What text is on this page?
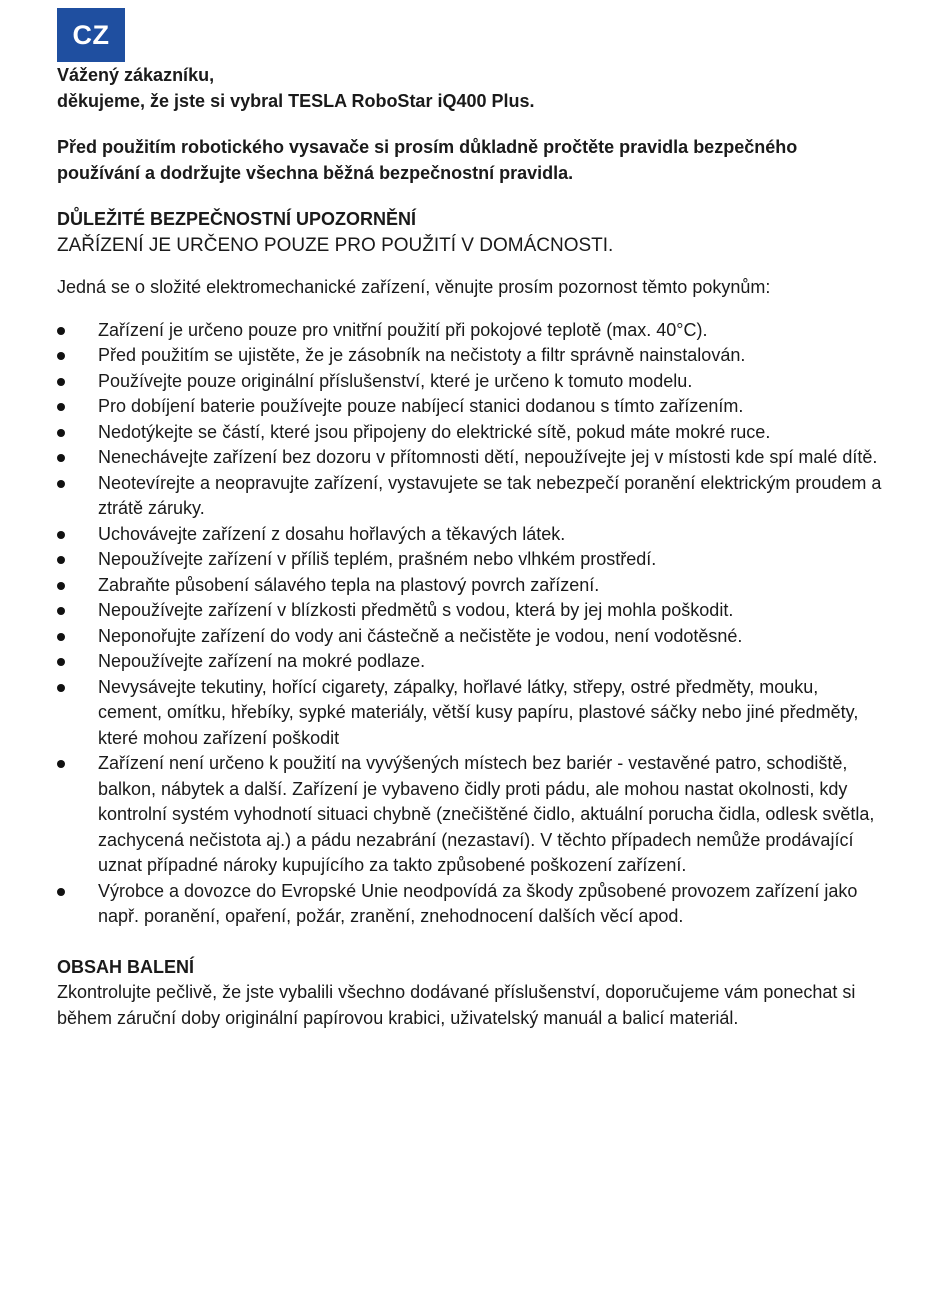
CZ

Vážený zákazníku,
děkujeme, že jste si vybral TESLA RoboStar iQ400 Plus.

Před použitím robotického vysavače si prosím důkladně pročtěte pravidla bezpečného
používání a dodržujte všechna běžná bezpečnostní pravidla.

DŮLEŽITÉ BEZPEČNOSTNÍ UPOZORNĚNÍ
ZAŘÍZENÍ JE URČENO POUZE PRO POUŽITÍ V DOMÁCNOSTI.

Jedná se o složité elektromechanické zařízení, věnujte prosím pozornost těmto pokynům:

Zařízení je určeno pouze pro vnitřní použití při pokojové teplotě (max. 40°C).
Před použitím se ujistěte, že je zásobník na nečistoty a filtr správně nainstalován.
Používejte pouze originální příslušenství, které je určeno k tomuto modelu.
Pro dobíjení baterie používejte pouze nabíjecí stanici dodanou s tímto zařízením.
Nedotýkejte se částí, které jsou připojeny do elektrické sítě, pokud máte mokré ruce.
Nenechávejte zařízení bez dozoru v přítomnosti dětí, nepoužívejte jej v místosti kde spí malé dítě.
Neotevírejte a neopravujte zařízení, vystavujete se tak nebezpečí poranění elektrickým proudem a
ztrátě záruky.
Uchovávejte zařízení z dosahu hořlavých a těkavých látek.
Nepoužívejte zařízení v příliš teplém, prašném nebo vlhkém prostředí.
Zabraňte působení sálavého tepla na plastový povrch zařízení.
Nepoužívejte zařízení v blízkosti předmětů s vodou, která by jej mohla poškodit.
Neponořujte zařízení do vody ani částečně a nečistěte je vodou, není vodotěsné.
Nepoužívejte zařízení na mokré podlaze.
Nevysávejte tekutiny, hořící cigarety, zápalky, hořlavé látky, střepy, ostré předměty, mouku,
cement, omítku, hřebíky, sypké materiály, větší kusy papíru, plastové sáčky nebo jiné předměty,
které mohou zařízení poškodit
Zařízení není určeno k použití na vyvýšených místech bez bariér - vestavěné patro, schodiště,
balkon, nábytek a další. Zařízení je vybaveno čidly proti pádu, ale mohou nastat okolnosti, kdy
kontrolní systém vyhodnotí situaci chybně (znečištěné čidlo, aktuální porucha čidla, odlesk světla,
zachycená nečistota aj.) a pádu nezabrání (nezastaví). V těchto případech nemůže prodávající
uznat případné nároky kupujícího za takto způsobené poškození zařízení.
Výrobce a dovozce do Evropské Unie neodpovídá za škody způsobené provozem zařízení jako
např. poranění, opaření, požár, zranění, znehodnocení dalších věcí apod.
OBSAH BALENÍ

Zkontrolujte pečlivě, že jste vybalili všechno dodávané příslušenství, doporučujeme vám ponechat si
během záruční doby originální papírovou krabici, uživatelský manuál a balicí materiál.
